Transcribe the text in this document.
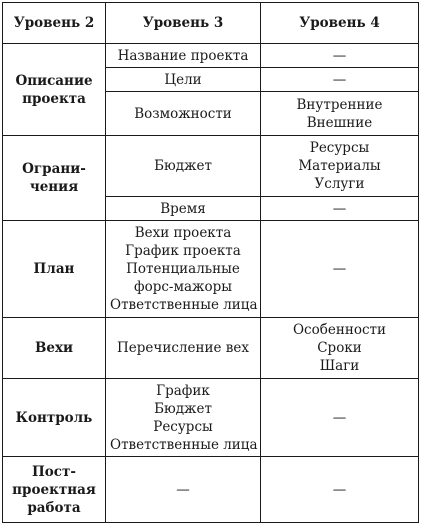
Уровень 2	Уровень 3	Уровень 4

Описание
проекта	Название проекта	—

	Цели	—

	Возможности	Внутренние
Внешние

Ограни-
чения	Бюджет	Ресурсы
Материалы
Услуги

	Время	—

План	Вехи проекта
График проекта
Потенциальные
форс-мажоры
Ответственные лица	—

Вехи	Перечисление вех	Особенности
Сроки
Шаги

Контроль	График
Бюджет
Ресурсы
Ответственные лица	—

Пост-
проектная
работа	—	—
